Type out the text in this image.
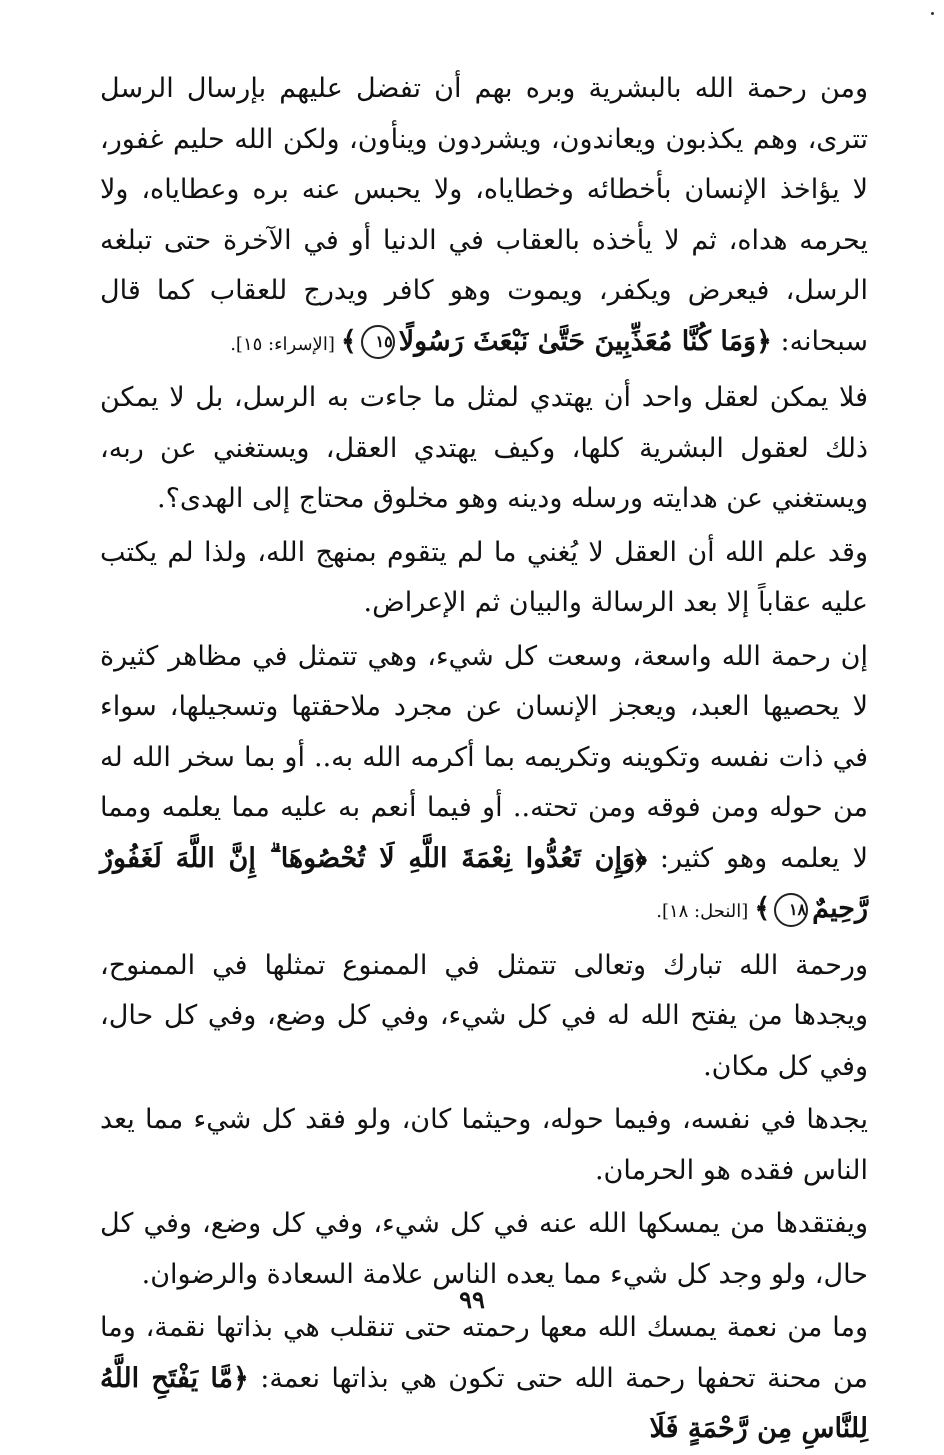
ومن رحمة الله بالبشرية وبره بهم أن تفضل عليهم بإرسال الرسل تترى، وهم يكذبون ويعاندون، ويشردون وينأون، ولكن الله حليم غفور، لا يؤاخذ الإنسان بأخطائه وخطاياه، ولا يحبس عنه بره وعطاياه، ولا يحرمه هداه، ثم لا يأخذه بالعقاب في الدنيا أو في الآخرة حتى تبلغه الرسل، فيعرض ويكفر، ويموت وهو كافر ويدرج للعقاب كما قال سبحانه: ﴿وَمَا كُنَّا مُعَذِّبِينَ حَتَّىٰ نَبْعَثَ رَسُولًا١٥﴾[الإسراء: ١٥].

فلا يمكن لعقل واحد أن يهتدي لمثل ما جاءت به الرسل، بل لا يمكن ذلك لعقول البشرية كلها، وكيف يهتدي العقل، ويستغني عن ربه، ويستغني عن هدايته ورسله ودينه وهو مخلوق محتاج إلى الهدى؟.

وقد علم الله أن العقل لا يُغني ما لم يتقوم بمنهج الله، ولذا لم يكتب عليه عقاباً إلا بعد الرسالة والبيان ثم الإعراض.

إن رحمة الله واسعة، وسعت كل شيء، وهي تتمثل في مظاهر كثيرة لا يحصيها العبد، ويعجز الإنسان عن مجرد ملاحقتها وتسجيلها، سواء في ذات نفسه وتكوينه وتكريمه بما أكرمه الله به.. أو بما سخر الله له من حوله ومن فوقه ومن تحته.. أو فيما أنعم به عليه مما يعلمه ومما لا يعلمه وهو كثير: ﴿وَإِن تَعُدُّوا نِعْمَةَ اللَّهِ لَا تُحْصُوهَا ۗ إِنَّ اللَّهَ لَغَفُورٌ رَّحِيمٌ١٨﴾[النحل: ١٨].

ورحمة الله تبارك وتعالى تتمثل في الممنوع تمثلها في الممنوح، ويجدها من يفتح الله له في كل شيء، وفي كل وضع، وفي كل حال، وفي كل مكان.

يجدها في نفسه، وفيما حوله، وحيثما كان، ولو فقد كل شيء مما يعد الناس فقده هو الحرمان.

ويفتقدها من يمسكها الله عنه في كل شيء، وفي كل وضع، وفي كل حال، ولو وجد كل شيء مما يعده الناس علامة السعادة والرضوان.

وما من نعمة يمسك الله معها رحمته حتى تنقلب هي بذاتها نقمة، وما من محنة تحفها رحمة الله حتى تكون هي بذاتها نعمة: ﴿مَّا يَفْتَحِ اللَّهُ لِلنَّاسِ مِن رَّحْمَةٍ فَلَا

٩٩
